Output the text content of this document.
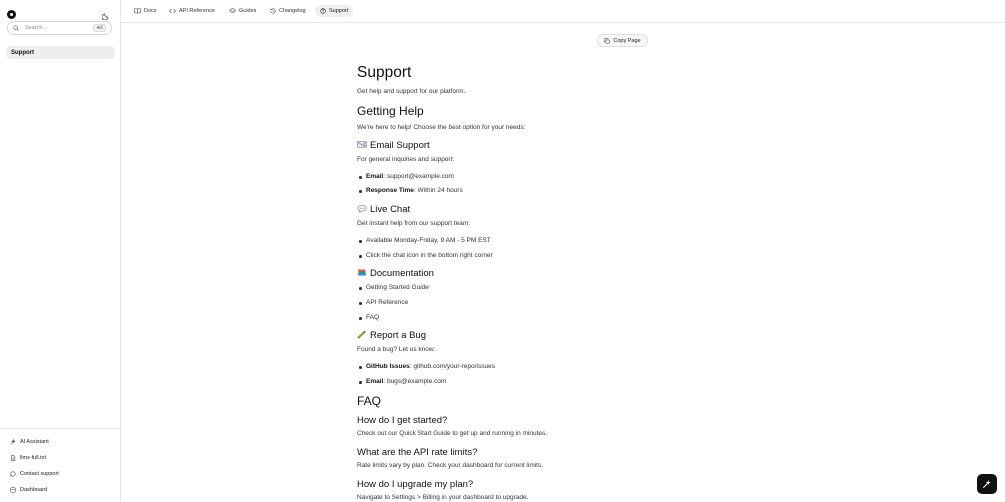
Search...
⌘K
Support
AI Assistant
llms-full.txt
Contact support
Dashboard
Docs	API Reference	Guides	Changelog	Support
Copy Page
Support

Get help and support for our platform.

Getting Help

We're here to help! Choose the best option for your needs:

Email Support

For general inquiries and support:

Email: support@example.com
Response Time: Within 24 hours
Live Chat

Get instant help from our support team:

Available Monday-Friday, 9 AM - 5 PM EST
Click the chat icon in the bottom right corner
Documentation
Getting Started Guide
API Reference
FAQ
Report a Bug

Found a bug? Let us know:

GitHub Issues: github.com/your-repo/issues
Email: bugs@example.com
FAQ
How do I get started?

Check out our Quick Start Guide to get up and running in minutes.

What are the API rate limits?

Rate limits vary by plan. Check your dashboard for current limits.

How do I upgrade my plan?

Navigate to Settings > Billing in your dashboard to upgrade.
